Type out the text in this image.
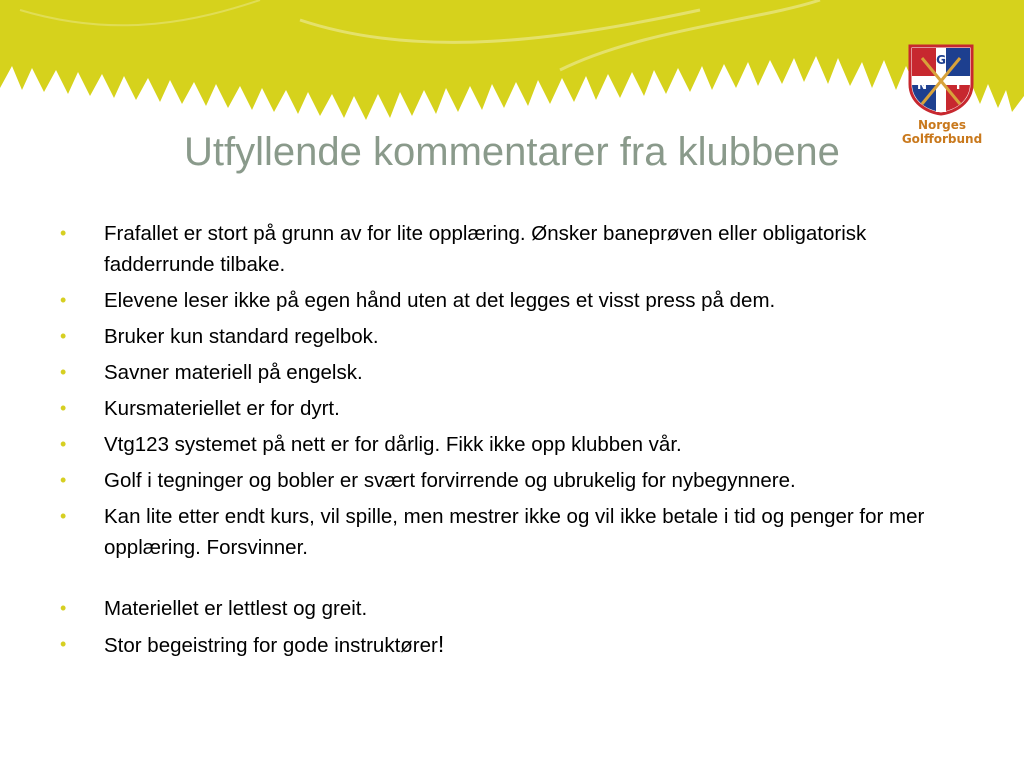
G
N F
Norges
Golfforbund
Utfyllende kommentarer fra klubbene
• Frafallet er stort på grunn av for lite opplæring. Ønsker baneprøven eller obligatorisk fadderrunde tilbake.
• Elevene leser ikke på egen hånd uten at det legges et visst press på dem.
• Bruker kun standard regelbok.
• Savner materiell på engelsk.
• Kursmateriellet er for dyrt.
• Vtg123 systemet på nett er for dårlig. Fikk ikke opp klubben vår.
• Golf i tegninger og bobler er svært forvirrende og ubrukelig for nybegynnere.
• Kan lite etter endt kurs, vil spille, men mestrer ikke og vil ikke betale i tid og penger for mer opplæring. Forsvinner.
• Materiellet er lettlest og greit.
• Stor begeistring for gode instruktører!
